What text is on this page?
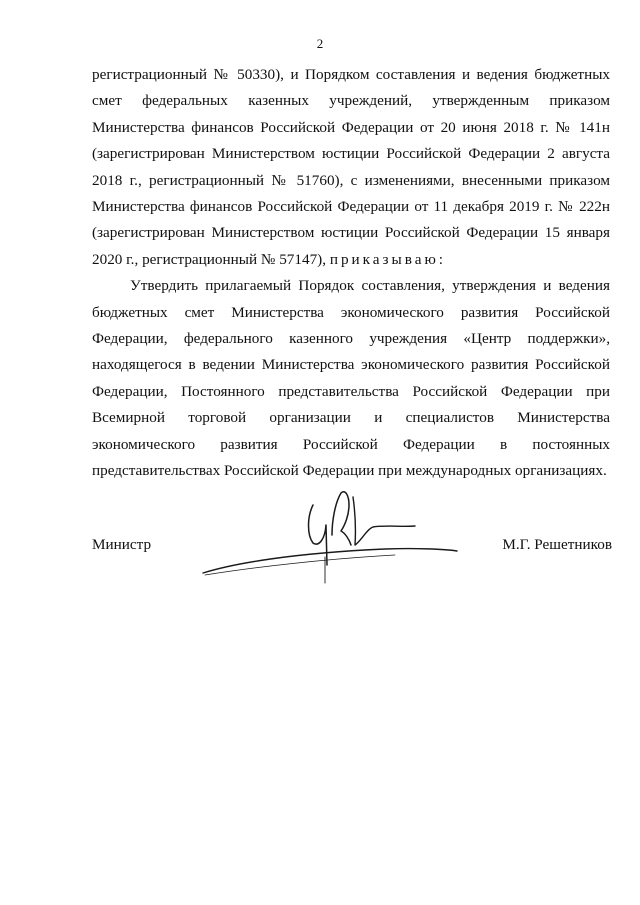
2

регистрационный № 50330), и Порядком составления и ведения бюджетных смет федеральных казенных учреждений, утвержденным приказом Министерства финансов Российской Федерации от 20 июня 2018 г. № 141н (зарегистрирован Министерством юстиции Российской Федерации 2 августа 2018 г., регистрационный № 51760), с изменениями, внесенными приказом Министерства финансов Российской Федерации от 11 декабря 2019 г. № 222н (зарегистрирован Министерством юстиции Российской Федерации 15 января 2020 г., регистрационный № 57147), приказываю:

Утвердить прилагаемый Порядок составления, утверждения и ведения бюджетных смет Министерства экономического развития Российской Федерации, федерального казенного учреждения «Центр поддержки», находящегося в ведении Министерства экономического развития Российской Федерации, Постоянного представительства Российской Федерации при Всемирной торговой организации и специалистов Министерства экономического развития Российской Федерации в постоянных представительствах Российской Федерации при международных организациях.

Министр	М.Г. Решетников
